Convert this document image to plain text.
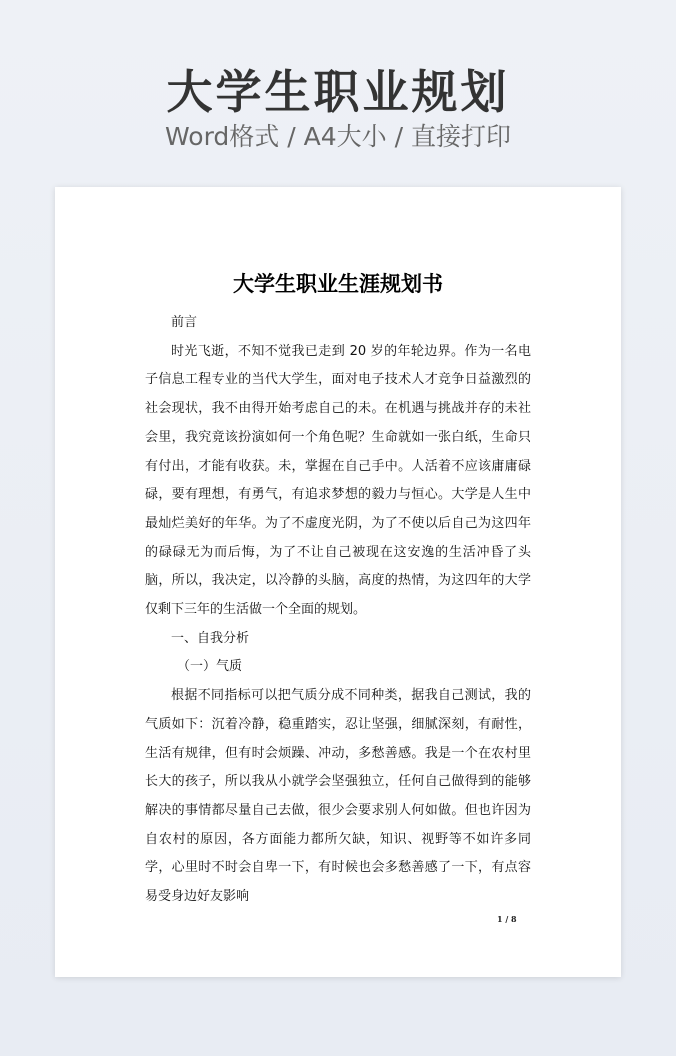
大学生职业规划
Word格式 / A4大小 / 直接打印
大学生职业生涯规划书

前言

时光飞逝，不知不觉我已走到 20 岁的年轮边界。作为一名电子信息工程专业的当代大学生，面对电子技术人才竞争日益激烈的社会现状，我不由得开始考虑自己的未。在机遇与挑战并存的未社会里，我究竟该扮演如何一个角色呢？生命就如一张白纸，生命只有付出，才能有收获。未，掌握在自己手中。人活着不应该庸庸碌碌，要有理想，有勇气，有追求梦想的毅力与恒心。大学是人生中最灿烂美好的年华。为了不虚度光阴，为了不使以后自己为这四年的碌碌无为而后悔，为了不让自己被现在这安逸的生活冲昏了头脑，所以，我决定，以冷静的头脑，高度的热情，为这四年的大学仅剩下三年的生活做一个全面的规划。

一、自我分析

（一）气质

根据不同指标可以把气质分成不同种类，据我自己测试，我的气质如下：沉着冷静，稳重踏实，忍让坚强，细腻深刻，有耐性，生活有规律，但有时会烦躁、冲动，多愁善感。我是一个在农村里长大的孩子，所以我从小就学会坚强独立，任何自己做得到的能够解决的事情都尽量自己去做，很少会要求别人何如做。但也许因为自农村的原因，各方面能力都所欠缺，知识、视野等不如许多同学，心里时不时会自卑一下，有时候也会多愁善感了一下，有点容易受身边好友影响

1 / 8
